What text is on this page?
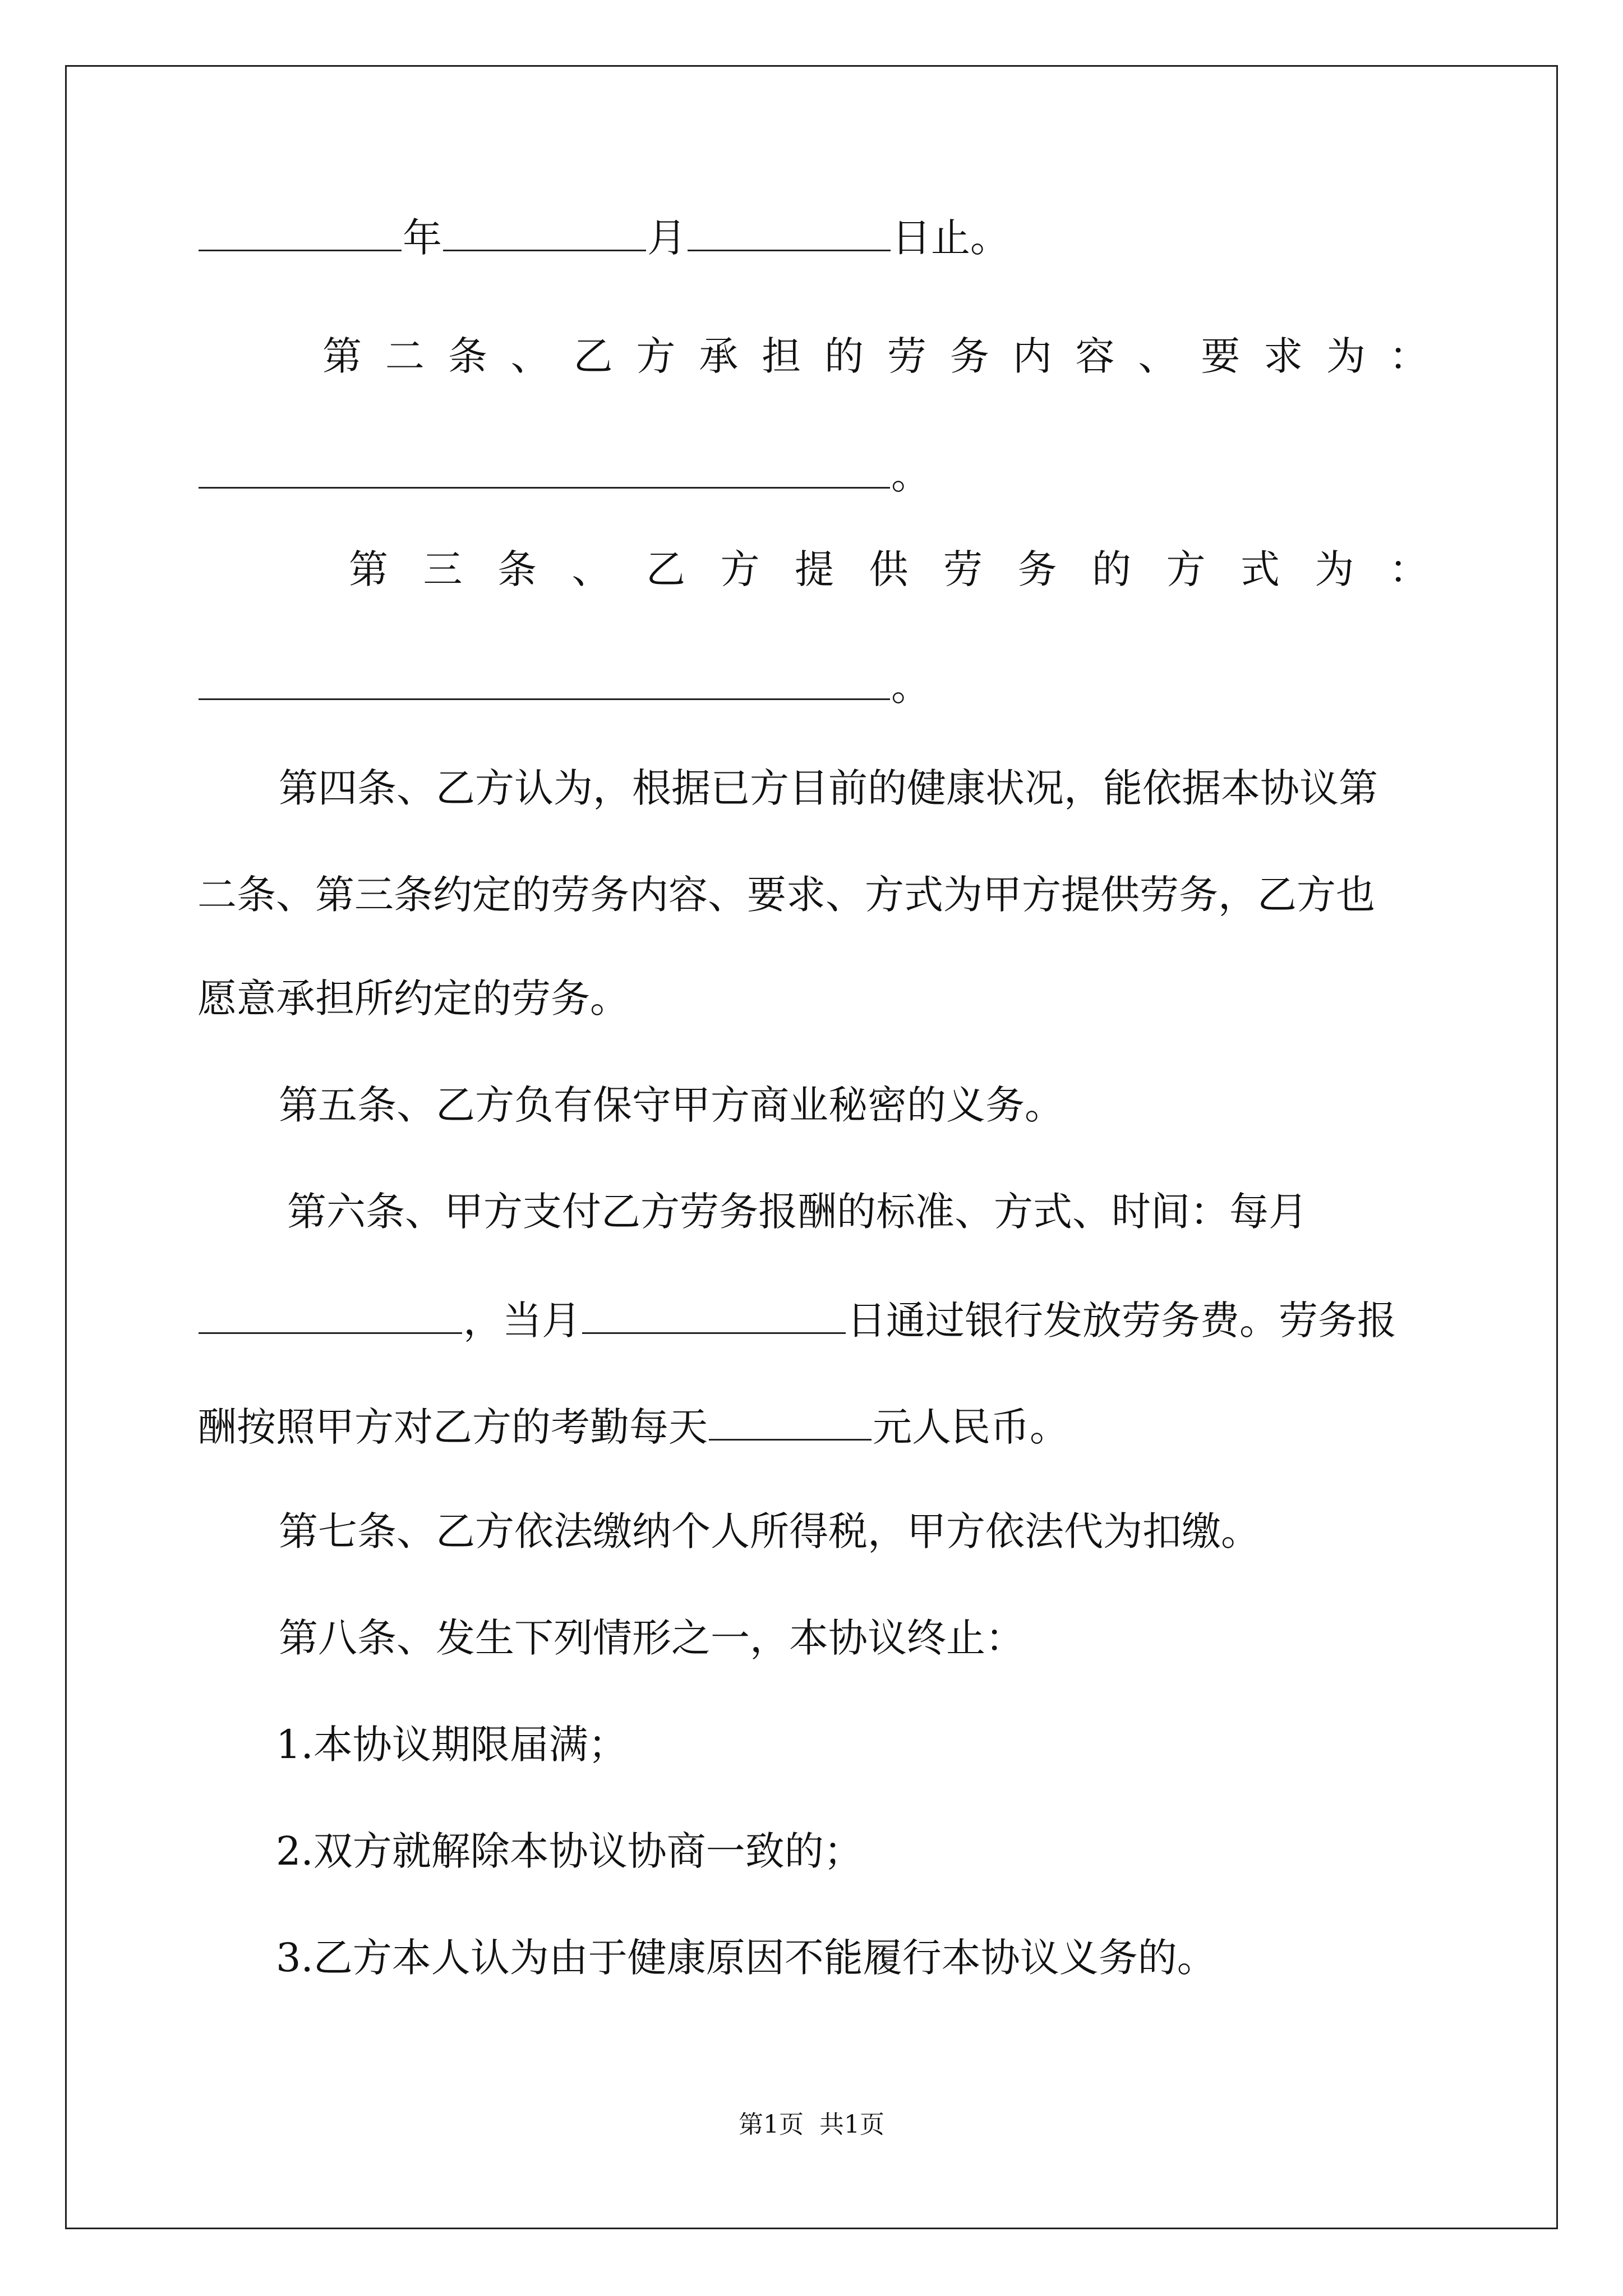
年	月	日止。
第 二 条 、 乙 方 承 担 的 劳 务 内 容 、 要 求 为 ：
。
第 三 条 、 乙 方 提 供 劳 务 的 方 式 为 ：
。
第四条、乙方认为，根据已方目前的健康状况，能依据本协议第
二条、第三条约定的劳务内容、要求、方式为甲方提供劳务，乙方也
愿意承担所约定的劳务。
第五条、乙方负有保守甲方商业秘密的义务。
第六条、甲方支付乙方劳务报酬的标准、方式、时间：每月
，当月	日通过银行发放劳务费。劳务报
酬按照甲方对乙方的考勤每天	元人民币。
第七条、乙方依法缴纳个人所得税，甲方依法代为扣缴。
第八条、发生下列情形之一，本协议终止：
1.本协议期限届满；
2.双方就解除本协议协商一致的；
3.乙方本人认为由于健康原因不能履行本协议义务的。
第1页 共1页
